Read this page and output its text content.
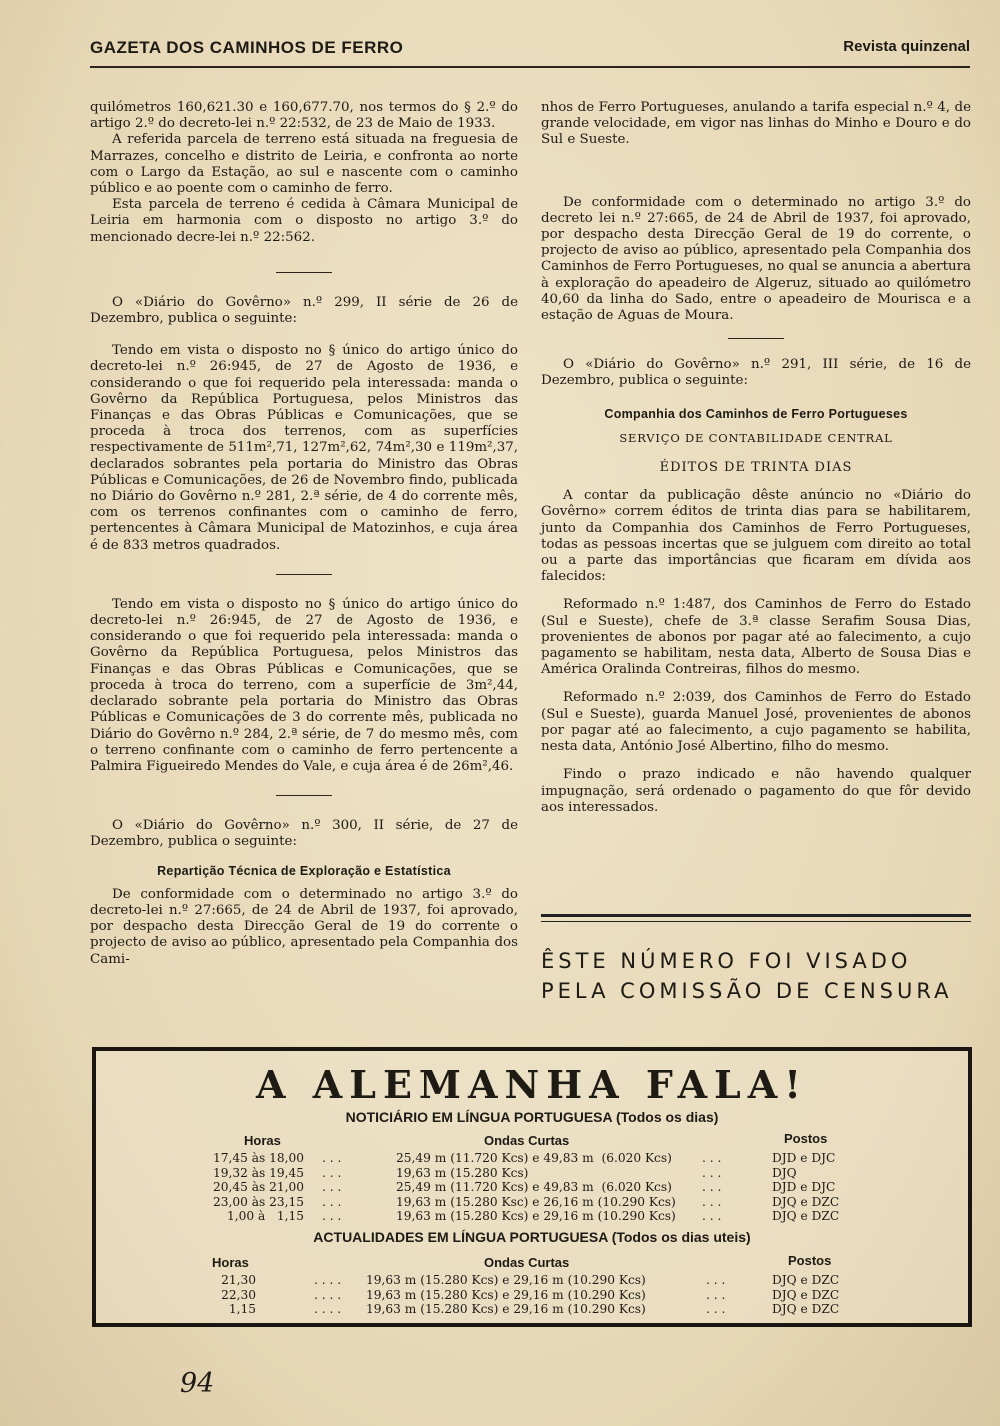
GAZETA DOS CAMINHOS DE FERRO	Revista quinzenal

quilómetros 160,621.30 e 160,677.70, nos termos do § 2.º do artigo 2.º do decreto-lei n.º 22:532, de 23 de Maio de 1933.

A referida parcela de terreno está situada na freguesia de Marrazes, concelho e distrito de Leiria, e confronta ao norte com o Largo da Estação, ao sul e nascente com o caminho público e ao poente com o caminho de ferro.

Esta parcela de terreno é cedida à Câmara Municipal de Leiria em harmonia com o disposto no artigo 3.º do mencionado decre-lei n.º 22:562.

O «Diário do Govêrno» n.º 299, II série de 26 de Dezembro, publica o seguinte:

Tendo em vista o disposto no § único do artigo único do decreto-lei n.º 26:945, de 27 de Agosto de 1936, e considerando o que foi requerido pela interessada: manda o Govêrno da República Portuguesa, pelos Ministros das Finanças e das Obras Públicas e Comunicações, que se proceda à troca dos terrenos, com as superfícies respectivamente de 511m²,71, 127m²,62, 74m²,30 e 119m²,37, declarados sobrantes pela portaria do Ministro das Obras Públicas e Comunicações, de 26 de Novembro findo, publicada no Diário do Govêrno n.º 281, 2.ª série, de 4 do corrente mês, com os terrenos confinantes com o caminho de ferro, pertencentes à Câmara Municipal de Matozinhos, e cuja área é de 833 metros quadrados.

Tendo em vista o disposto no § único do artigo único do decreto-lei n.º 26:945, de 27 de Agosto de 1936, e considerando o que foi requerido pela interessada: manda o Govêrno da República Portuguesa, pelos Ministros das Finanças e das Obras Públicas e Comunicações, que se proceda à troca do terreno, com a superfície de 3m²,44, declarado sobrante pela portaria do Ministro das Obras Públicas e Comunicações de 3 do corrente mês, publicada no Diário do Govêrno n.º 284, 2.ª série, de 7 do mesmo mês, com o terreno confinante com o caminho de ferro pertencente a Palmira Figueiredo Mendes do Vale, e cuja área é de 26m²,46.

O «Diário do Govêrno» n.º 300, II série, de 27 de Dezembro, publica o seguinte:

Repartição Técnica de Exploração e Estatística

De conformidade com o determinado no artigo 3.º do decreto-lei n.º 27:665, de 24 de Abril de 1937, foi aprovado, por despacho desta Direcção Geral de 19 do corrente o projecto de aviso ao público, apresentado pela Companhia dos Cami-

nhos de Ferro Portugueses, anulando a tarifa especial n.º 4, de grande velocidade, em vigor nas linhas do Minho e Douro e do Sul e Sueste.

De conformidade com o determinado no artigo 3.º do decreto lei n.º 27:665, de 24 de Abril de 1937, foi aprovado, por despacho desta Direcção Geral de 19 do corrente, o projecto de aviso ao público, apresentado pela Companhia dos Caminhos de Ferro Portugueses, no qual se anuncia a abertura à exploração do apeadeiro de Algeruz, situado ao quilómetro 40,60 da linha do Sado, entre o apeadeiro de Mourisca e a estação de Aguas de Moura.

O «Diário do Govêrno» n.º 291, III série, de 16 de Dezembro, publica o seguinte:

Companhia dos Caminhos de Ferro Portugueses
SERVIÇO DE CONTABILIDADE CENTRAL
ÉDITOS DE TRINTA DIAS

A contar da publicação dêste anúncio no «Diário do Govêrno» correm éditos de trinta dias para se habilitarem, junto da Companhia dos Caminhos de Ferro Portugueses, todas as pessoas incertas que se julguem com direito ao total ou a parte das importâncias que ficaram em dívida aos falecidos:

Reformado n.º 1:487, dos Caminhos de Ferro do Estado (Sul e Sueste), chefe de 3.ª classe Serafim Sousa Dias, provenientes de abonos por pagar até ao falecimento, a cujo pagamento se habilitam, nesta data, Alberto de Sousa Dias e América Oralinda Contreiras, filhos do mesmo.

Reformado n.º 2:039, dos Caminhos de Ferro do Estado (Sul e Sueste), guarda Manuel José, provenientes de abonos por pagar até ao falecimento, a cujo pagamento se habilita, nesta data, António José Albertino, filho do mesmo.

Findo o prazo indicado e não havendo qualquer impugnação, será ordenado o pagamento do que fôr devido aos interessados.

ÊSTE NÚMERO FOI VISADO
PELA COMISSÃO DE CENSURA
A ALEMANHA FALA!
NOTICIÁRIO EM LÍNGUA PORTUGUESA (Todos os dias)
Horas	Ondas Curtas	Postos
17,45 às 18,00 . . .	25,49 m (11.720 Kcs) e 49,83 m  (6.020 Kcs) . . .	DJD e DJC
19,32 às 19,45 . . .	19,63 m (15.280 Kcs)	. . .	DJQ
20,45 às 21,00 . . .	25,49 m (11.720 Kcs) e 49,83 m  (6.020 Kcs) . . .	DJD e DJC
23,00 às 23,15 . . .	19,63 m (15.280 Ksc) e 26,16 m (10.290 Kcs) . . .	DJQ e DZC
1,00 à   1,15 . . .	19,63 m (15.280 Kcs) e 29,16 m (10.290 Kcs) . . .	DJQ e DZC
ACTUALIDADES EM LÍNGUA PORTUGUESA (Todos os dias uteis)
Horas	Ondas Curtas	Postos
21,30	. . . . 19,63 m (15.280 Kcs) e 29,16 m (10.290 Kcs)	. . .	DJQ e DZC
22,30	. . . . 19,63 m (15.280 Kcs) e 29,16 m (10.290 Kcs)	. . .	DJQ e DZC
1,15	. . . . 19,63 m (15.280 Kcs) e 29,16 m (10.290 Kcs)	. . .	DJQ e DZC
94
